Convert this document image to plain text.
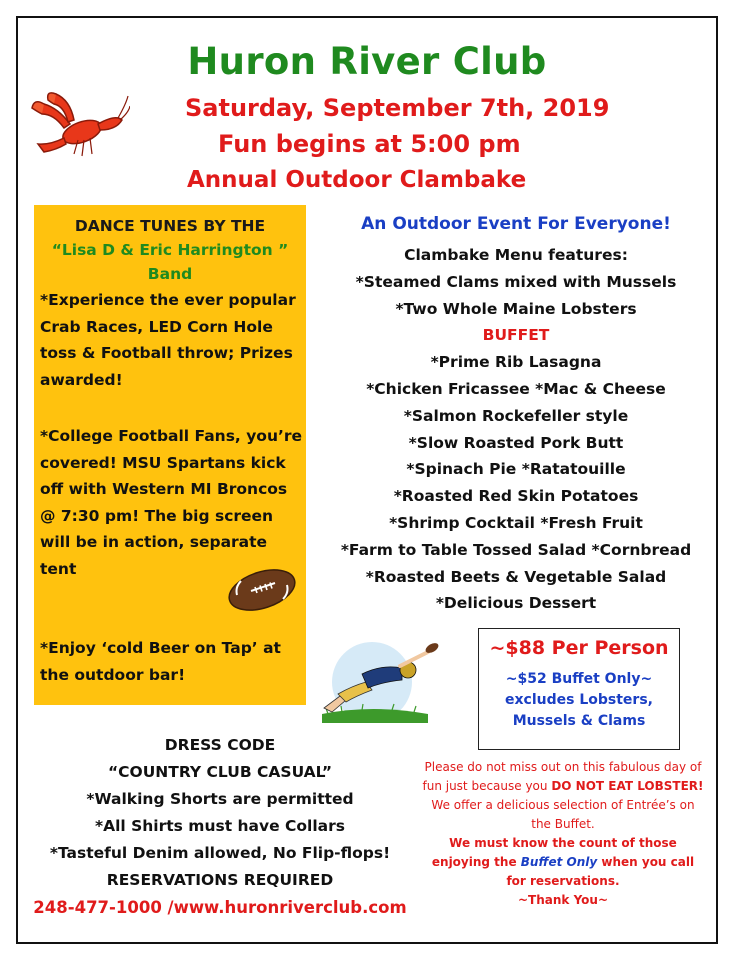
Huron River Club
Saturday, September 7th, 2019
Fun begins at 5:00 pm
Annual Outdoor Clambake
DANCE TUNES BY THE
“Lisa D & Eric Harrington ”
Band
*Experience the ever popular Crab Races, LED Corn Hole toss & Football throw; Prizes awarded!
*College Football Fans, you’re covered! MSU Spartans kick off with Western MI Broncos @ 7:30 pm! The big screen will be in action, separate tent
*Enjoy ‘cold Beer on Tap’ at the outdoor bar!
An Outdoor Event For Everyone!
Clambake Menu features:
*Steamed Clams mixed with Mussels
*Two Whole Maine Lobsters
BUFFET
*Prime Rib Lasagna
*Chicken Fricassee *Mac & Cheese
*Salmon Rockefeller style
*Slow Roasted Pork Butt
*Spinach Pie *Ratatouille
*Roasted Red Skin Potatoes
*Shrimp Cocktail *Fresh Fruit
*Farm to Table Tossed Salad *Cornbread
*Roasted Beets & Vegetable Salad
*Delicious Dessert
~$88 Per Person
~$52 Buffet Only~
excludes Lobsters,
Mussels & Clams
DRESS CODE
“COUNTRY CLUB CASUAL”
*Walking Shorts are permitted
*All Shirts must have Collars
*Tasteful Denim allowed, No Flip-flops!
RESERVATIONS REQUIRED
248-477-1000 /www.huronriverclub.com
Please do not miss out on this fabulous day of fun just because you DO NOT EAT LOBSTER! We offer a delicious selection of Entrée’s on the Buffet.
We must know the count of those enjoying the Buffet Only when you call for reservations.
~Thank You~
